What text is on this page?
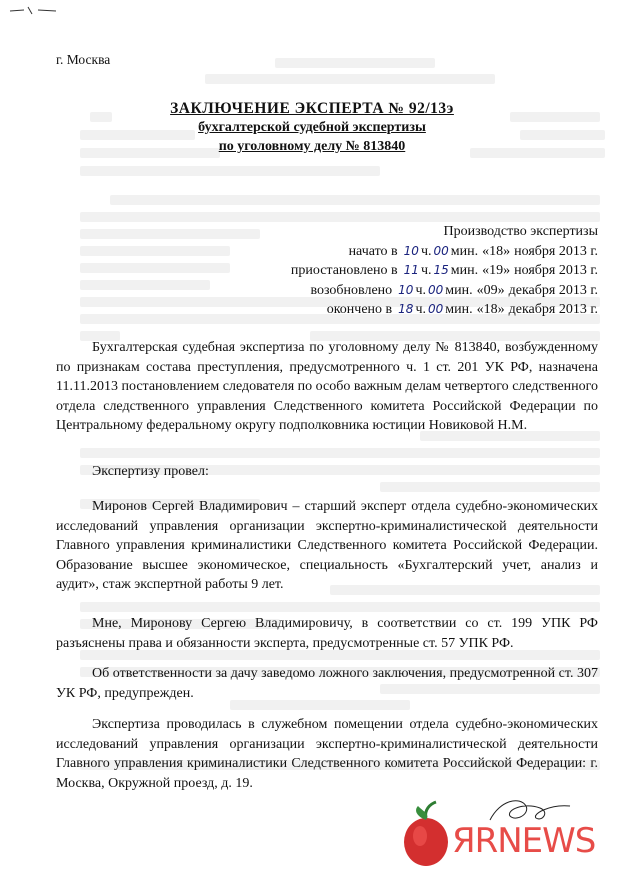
г. Москва
ЗАКЛЮЧЕНИЕ ЭКСПЕРТА № 92/13э
бухгалтерской судебной экспертизы
по уголовному делу № 813840
Производство экспертизы
начато в 10 ч. 00 мин. «18» ноября 2013 г.
приостановлено в 11 ч. 15 мин. «19» ноября 2013 г.
возобновлено 10 ч. 00 мин. «09» декабря 2013 г.
окончено в 18 ч. 00 мин. «18» декабря 2013 г.

Бухгалтерская судебная экспертиза по уголовному делу № 813840, возбужденному по признакам состава преступления, предусмотренного ч. 1 ст. 201 УК РФ, назначена 11.11.2013 постановлением следователя по особо важным делам четвертого следственного отдела следственного управления Следственного комитета Российской Федерации по Центральному федеральному округу подполковника юстиции Новиковой Н.М.

Экспертизу провел:

Миронов Сергей Владимирович – старший эксперт отдела судебно-экономических исследований управления организации экспертно-криминалистической деятельности Главного управления криминалистики Следственного комитета Российской Федерации. Образование высшее экономическое, специальность «Бухгалтерский учет, анализ и аудит», стаж экспертной работы 9 лет.

Мне, Миронову Сергею Владимировичу, в соответствии со ст. 199 УПК РФ разъяснены права и обязанности эксперта, предусмотренные ст. 57 УПК РФ.

Об ответственности за дачу заведомо ложного заключения, предусмотренной ст. 307 УК РФ, предупрежден.

Экспертиза проводилась в служебном помещении отдела судебно-экономических исследований управления организации экспертно-криминалистической деятельности Главного управления криминалистики Следственного комитета Российской Федерации: г. Москва, Окружной проезд, д. 19.

ЯRNEWS
